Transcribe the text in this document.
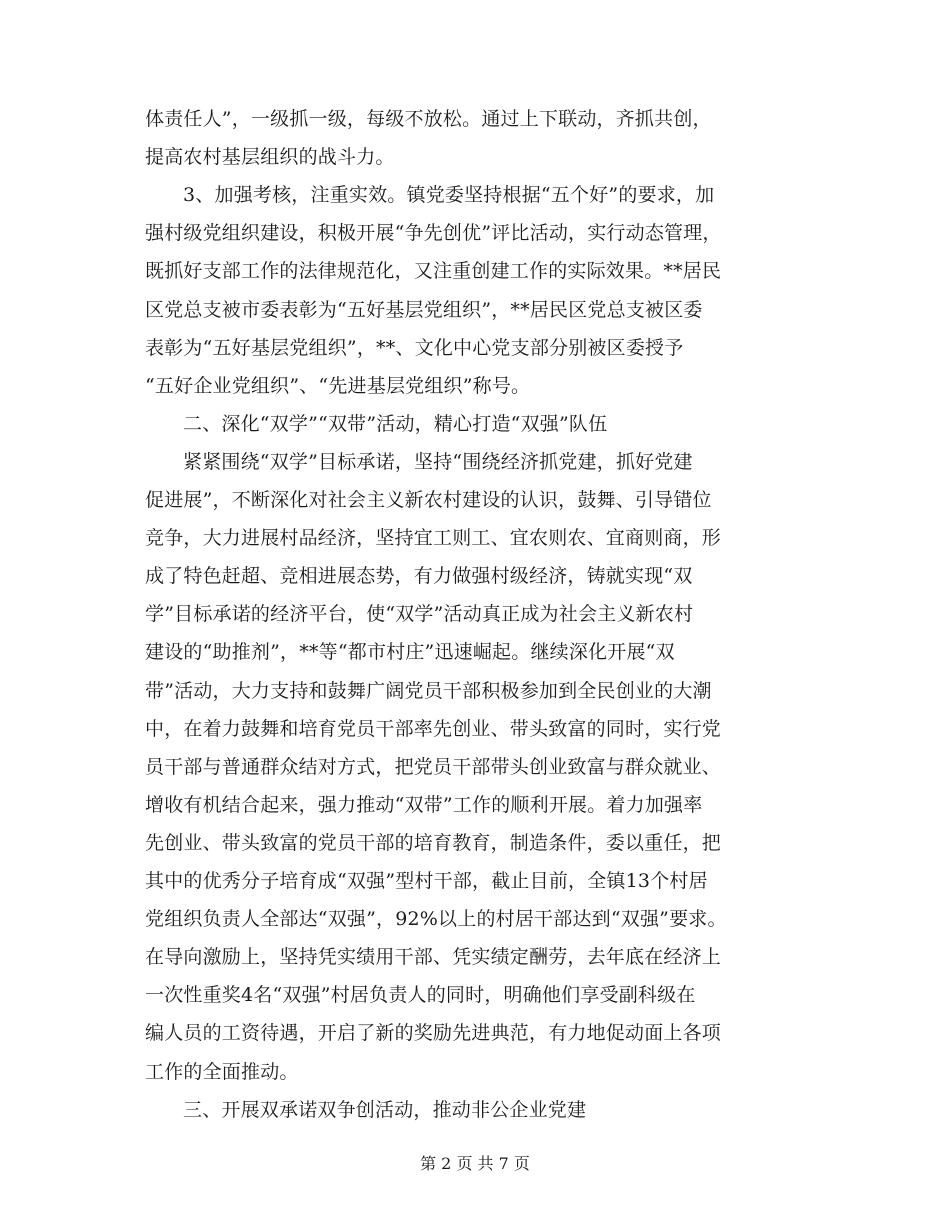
体责任人”，一级抓一级，每级不放松。通过上下联动，齐抓共创，
提高农村基层组织的战斗力。
3、加强考核，注重实效。镇党委坚持根据“五个好”的要求，加
强村级党组织建设，积极开展“争先创优”评比活动，实行动态管理，
既抓好支部工作的法律规范化，又注重创建工作的实际效果。**居民
区党总支被市委表彰为“五好基层党组织”，**居民区党总支被区委
表彰为“五好基层党组织”，**、文化中心党支部分别被区委授予
“五好企业党组织”、“先进基层党组织”称号。
二、深化“双学”“双带”活动，精心打造“双强”队伍
紧紧围绕“双学”目标承诺，坚持“围绕经济抓党建，抓好党建
促进展”，不断深化对社会主义新农村建设的认识，鼓舞、引导错位
竞争，大力进展村品经济，坚持宜工则工、宜农则农、宜商则商，形
成了特色赶超、竞相进展态势，有力做强村级经济，铸就实现“双
学”目标承诺的经济平台，使“双学”活动真正成为社会主义新农村
建设的“助推剂”，**等“都市村庄”迅速崛起。继续深化开展“双
带”活动，大力支持和鼓舞广阔党员干部积极参加到全民创业的大潮
中，在着力鼓舞和培育党员干部率先创业、带头致富的同时，实行党
员干部与普通群众结对方式，把党员干部带头创业致富与群众就业、
增收有机结合起来，强力推动“双带”工作的顺利开展。着力加强率
先创业、带头致富的党员干部的培育教育，制造条件，委以重任，把
其中的优秀分子培育成“双强”型村干部，截止目前，全镇13个村居
党组织负责人全部达“双强”，92%以上的村居干部达到“双强”要求。
在导向激励上，坚持凭实绩用干部、凭实绩定酬劳，去年底在经济上
一次性重奖4名“双强”村居负责人的同时，明确他们享受副科级在
编人员的工资待遇，开启了新的奖励先进典范，有力地促动面上各项
工作的全面推动。
三、开展双承诺双争创活动，推动非公企业党建
第 2 页 共 7 页
